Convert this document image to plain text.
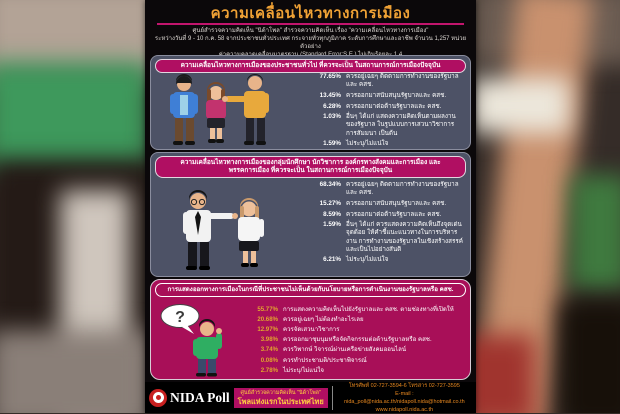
ความเคลื่อนไหวทางการเมือง
ศูนย์สำรวจความคิดเห็น "นิด้าโพล" สำรวจความคิดเห็น เรื่อง "ความเคลื่อนไหวทางการเมือง"
ระหว่างวันที่ 9 - 10 ก.ค. 58 จากประชาชนทั่วประเทศ กระจายทั่วทุกภูมิภาค ระดับการศึกษาและอาชีพ จำนวน 1,257 หน่วยตัวอย่าง
ความเคลื่อนไหวทางการเมืองของประชาชนทั่วไป ที่ควรจะเป็น ในสถานการณ์การเมืองปัจจุบัน
77.65% ควรอยู่เฉยๆ ติดตามการทำงานของรัฐบาลและ คสช.
13.45% ควรออกมาสนับสนุนรัฐบาลและ คสช.
6.28% ควรออกมาต่อต้านรัฐบาลและ คสช.
1.03% อื่นๆ ได้แก่ แสดงความคิดเห็นตามผลงานของรัฐบาล ในรูปแบบการเสวนาวิชาการ การสัมมนา เป็นต้น
1.59% ไม่ระบุ/ไม่แน่ใจ
ความเคลื่อนไหวทางการเมืองของกลุ่มนักศึกษา นักวิชาการ องค์กรทางสังคมและการเมือง และพรรคการเมือง ที่ควรจะเป็น ในสถานการณ์การเมืองปัจจุบัน
68.34% ควรอยู่เฉยๆ ติดตามการทำงานของรัฐบาลและ คสช.
15.27% ควรออกมาสนับสนุนรัฐบาลและ คสช.
8.59% ควรออกมาต่อต้านรัฐบาลและ คสช.
1.59% อื่นๆ ได้แก่ ควรแสดงความคิดเห็นถึงจุดเด่น จุดด้อย ให้คำชี้แนะแนวทางในการบริหารงาน การทำงานของรัฐบาลในเชิงสร้างสรรค์ และเป็นไปอย่างสันติ
6.21% ไม่ระบุ/ไม่แน่ใจ
การแสดงออกทางการเมืองในกรณีที่ประชาชนไม่เห็นด้วยกับนโยบายหรือการดำเนินงานของรัฐบาลหรือ คสช.
?	55.77% การแสดงความคิดเห็นไปยังรัฐบาลและ คสช. ตามช่องทางที่เปิดให้
20.68% ควรอยู่เฉยๆ ไม่ต้องทำอะไรเลย
12.97% ควรจัดเสวนาวิชาการ
3.98% ควรออกมาชุมนุมหรือจัดกิจกรรมต่อต้านรัฐบาลหรือ คสช.
3.74% ควรวิพากษ์ วิจารณ์ผ่านเครือข่ายสังคมออนไลน์
0.08% ควรทำประชามติ/ประชาพิจารณ์
2.78% ไม่ระบุ/ไม่แน่ใจ
NIDA Poll	ศูนย์สำรวจความคิดเห็น "นิด้าโพล"
โพลแห่งแรกในประเทศไทย
โทรศัพท์ 02-727-3594-6 โทรสาร 02-727-3595
E-mail : nida_poll@nida.ac.th/nidapoll.nida@hotmail.co.th
www.nidapoll.nida.ac.th
